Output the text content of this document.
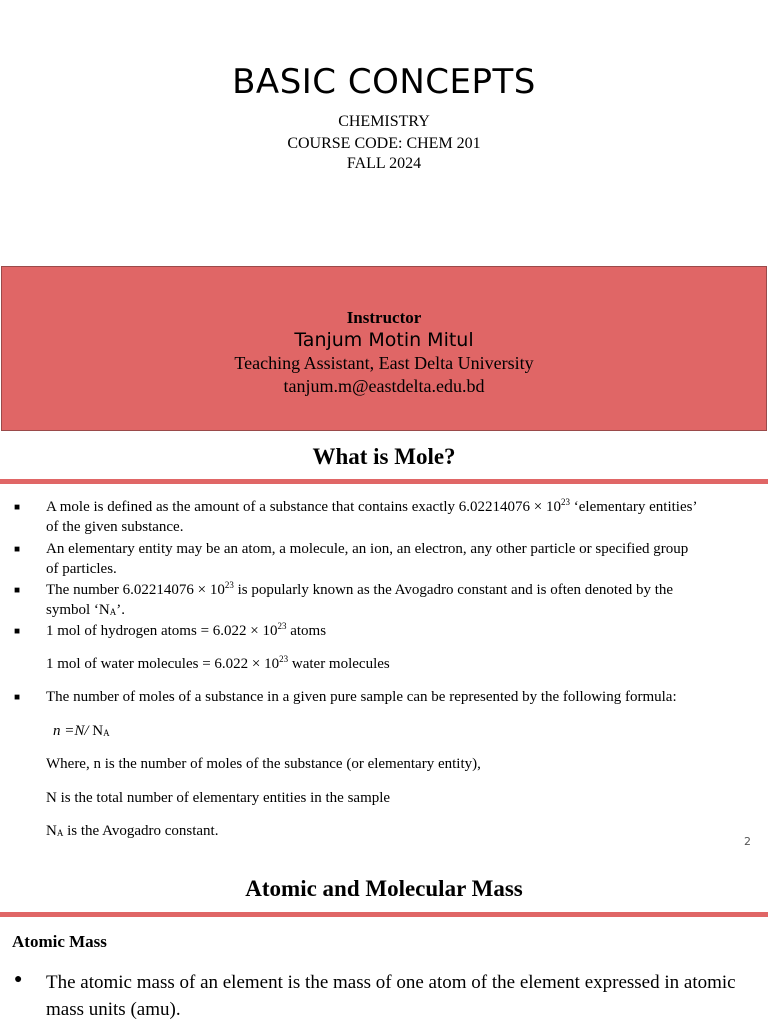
BASIC CONCEPTS
CHEMISTRY
COURSE CODE: CHEM 201
FALL 2024
Instructor
Tanjum Motin Mitul
Teaching Assistant, East Delta University
tanjum.m@eastdelta.edu.bd
What is Mole?
■ A mole is defined as the amount of a substance that contains exactly $6.02214076 \times 10^{23}$ ‘elementary entities’
of the given substance.
■ An elementary entity may be an atom, a molecule, an ion, an electron, any other particle or specified group
of particles.
■ The number $6.02214076 \times 10^{23}$ is popularly known as the Avogadro constant and is often denoted by the
symbol ‘$N_A$’.
■ 1 mol of hydrogen atoms = $6.022 \times 10^{23}$ atoms
1 mol of water molecules = $6.022 \times 10^{23}$ water molecules
■ The number of moles of a substance in a given pure sample can be represented by the following formula:
n =N/ $N_A$
Where, n is the number of moles of the substance (or elementary entity),
N is the total number of elementary entities in the sample
$N_A$ is the Avogadro constant.
2
Atomic and Molecular Mass
Atomic Mass
● The atomic mass of an element is the mass of one atom of the element expressed in atomic
mass units (amu).
